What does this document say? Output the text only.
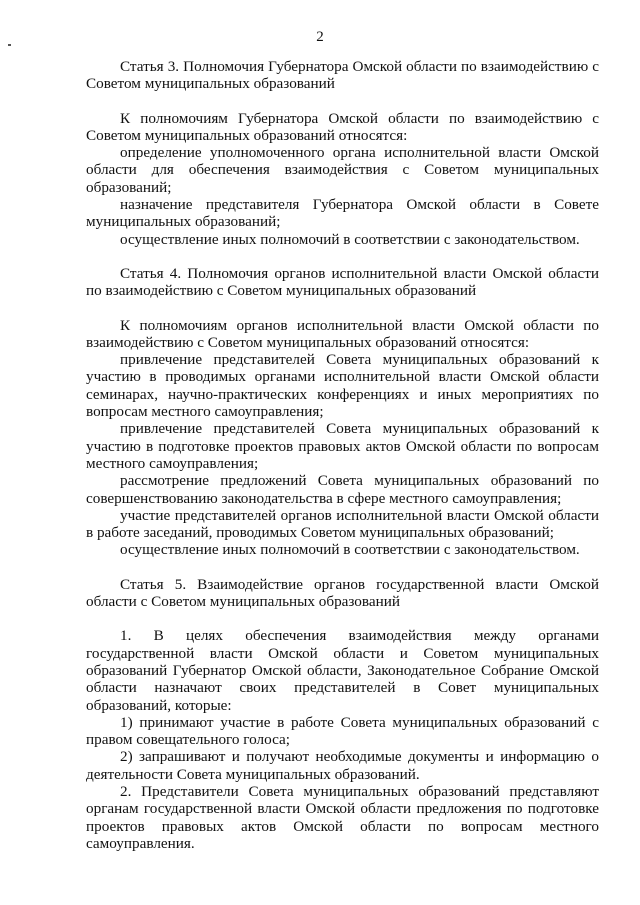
2

Статья 3. Полномочия Губернатора Омской области по взаимодействию с Советом муниципальных образований

К полномочиям Губернатора Омской области по взаимодействию с Советом муниципальных образований относятся:

определение уполномоченного органа исполнительной власти Омской области для обеспечения взаимодействия с Советом муниципальных образований;

назначение представителя Губернатора Омской области в Совете муниципальных образований;

осуществление иных полномочий в соответствии с законодательством.

Статья 4. Полномочия органов исполнительной власти Омской области по взаимодействию с Советом муниципальных образований

К полномочиям органов исполнительной власти Омской области по взаимодействию с Советом муниципальных образований относятся:

привлечение представителей Совета муниципальных образований к участию в проводимых органами исполнительной власти Омской области семинарах, научно-практических конференциях и иных мероприятиях по вопросам местного самоуправления;

привлечение представителей Совета муниципальных образований к участию в подготовке проектов правовых актов Омской области по вопросам местного самоуправления;

рассмотрение предложений Совета муниципальных образований по совершенствованию законодательства в сфере местного самоуправления;

участие представителей органов исполнительной власти Омской области в работе заседаний, проводимых Советом муниципальных образований;

осуществление иных полномочий в соответствии с законодательством.

Статья 5. Взаимодействие органов государственной власти Омской области с Советом муниципальных образований

1. В целях обеспечения взаимодействия между органами государственной власти Омской области и Советом муниципальных образований Губернатор Омской области, Законодательное Собрание Омской области назначают своих представителей в Совет муниципальных образований, которые:

1) принимают участие в работе Совета муниципальных образований с правом совещательного голоса;

2) запрашивают и получают необходимые документы и информацию о деятельности Совета муниципальных образований.

2. Представители Совета муниципальных образований представляют органам государственной власти Омской области предложения по подготовке проектов правовых актов Омской области по вопросам местного самоуправления.
